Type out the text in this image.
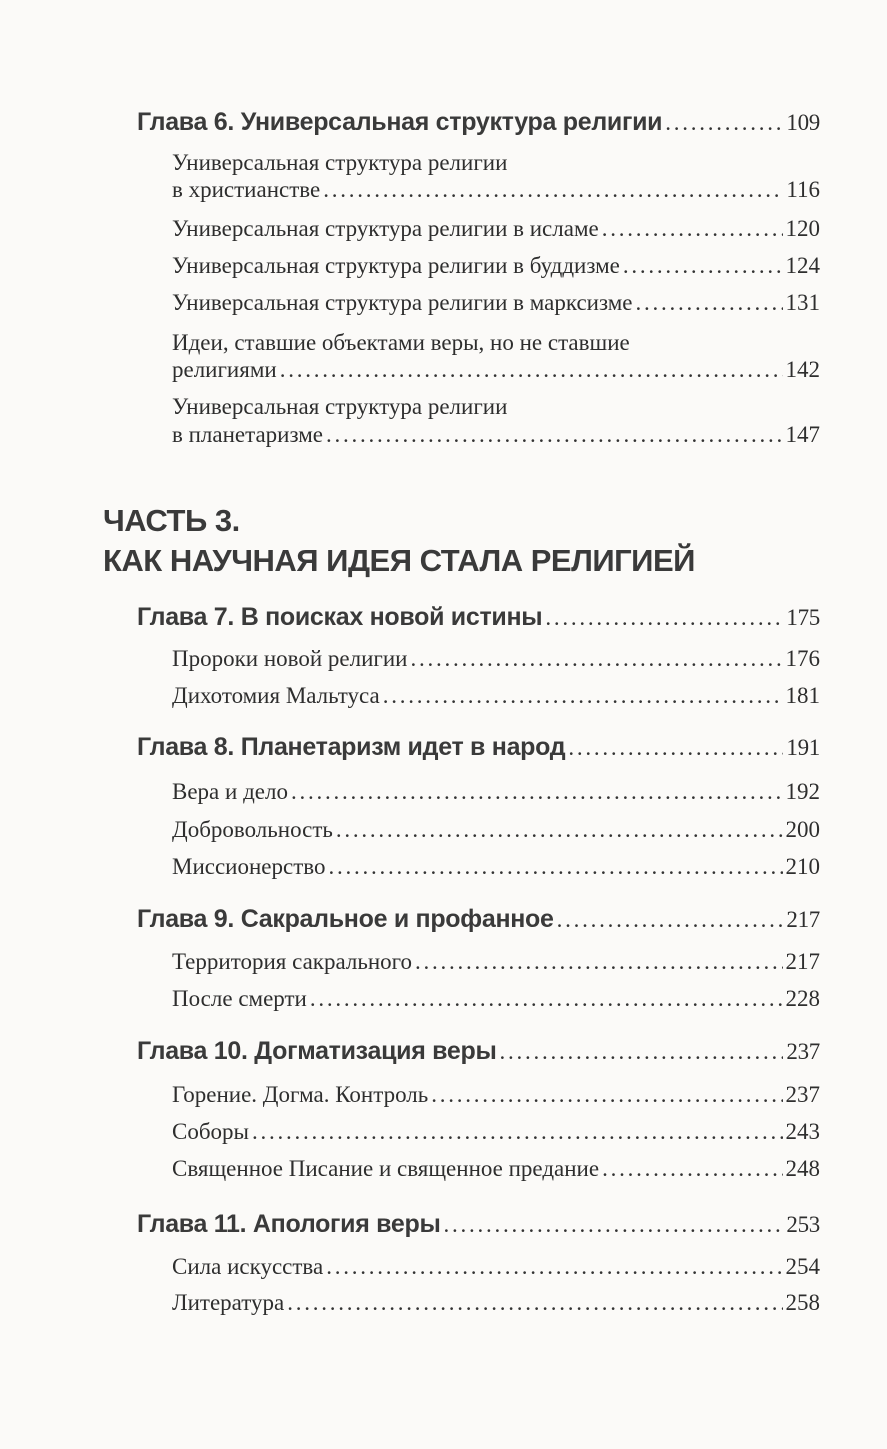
Глава 6. Универсальная структура религии . . .	109
Универсальная структура религии
в христианстве . . .	116
Универсальная структура религии в исламе . . .	120
Универсальная структура религии в буддизме . . .	124
Универсальная структура религии в марксизме . . .	131
Идеи, ставшие объектами веры, но не ставшие
религиями . . .	142
Универсальная структура религии
в планетаризме . . .	147
ЧАСТЬ 3.
КАК НАУЧНАЯ ИДЕЯ СТАЛА РЕЛИГИЕЙ
Глава 7. В поисках новой истины . . .	175
Пророки новой религии . . .	176
Дихотомия Мальтуса . . .	181
Глава 8. Планетаризм идет в народ . . .	191
Вера и дело . . .	192
Добровольность . . .	200
Миссионерство . . .	210
Глава 9. Сакральное и профанное . . .	217
Территория сакрального . . .	217
После смерти . . .	228
Глава 10. Догматизация веры . . .	237
Горение. Догма. Контроль . . .	237
Соборы . . .	243
Священное Писание и священное предание . . .	248
Глава 11. Апология веры . . .	253
Сила искусства . . .	254
Литература . . .	258
